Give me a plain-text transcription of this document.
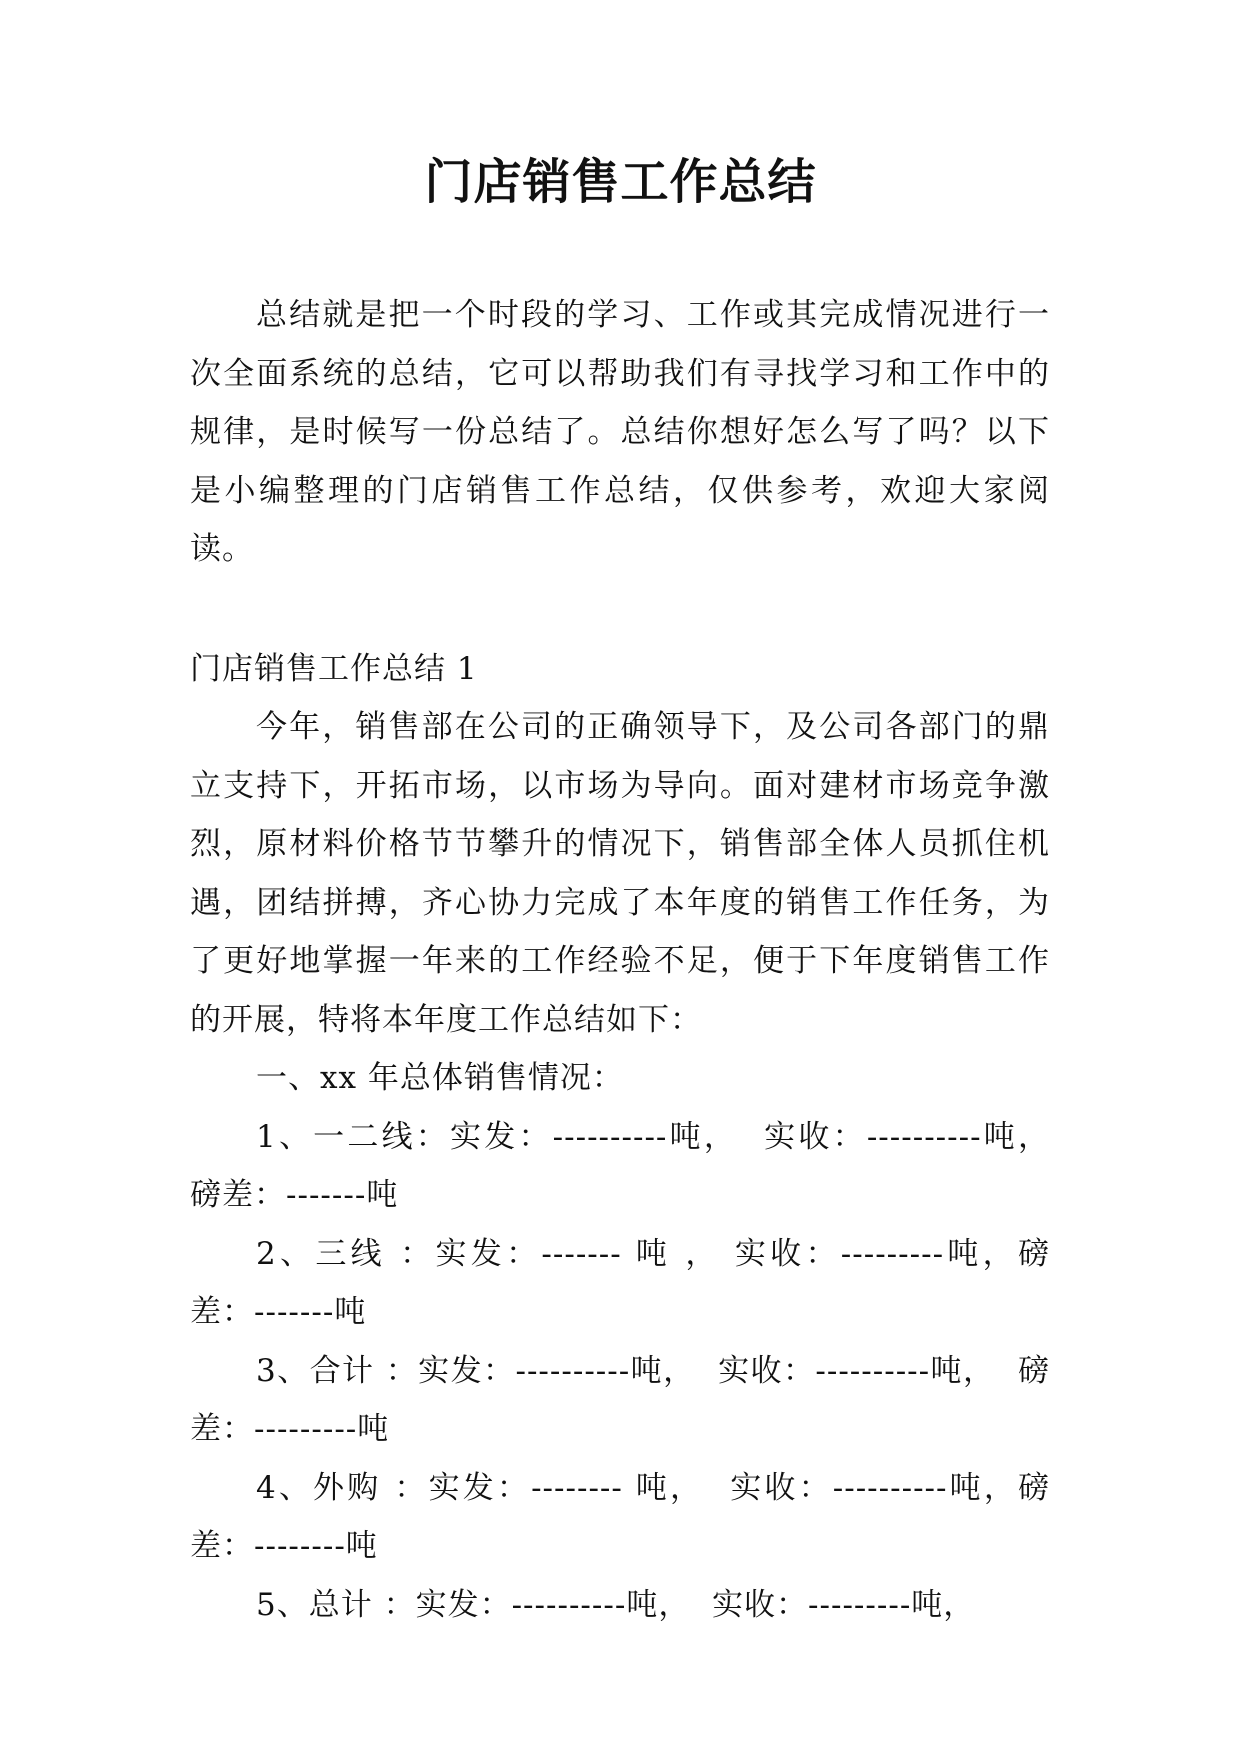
门店销售工作总结

总结就是把一个时段的学习、工作或其完成情况进行一次全面系统的总结，它可以帮助我们有寻找学习和工作中的规律，是时候写一份总结了。总结你想好怎么写了吗？以下是小编整理的门店销售工作总结，仅供参考，欢迎大家阅读。

门店销售工作总结 1

今年，销售部在公司的正确领导下，及公司各部门的鼎立支持下，开拓市场，以市场为导向。面对建材市场竞争激烈，原材料价格节节攀升的情况下，销售部全体人员抓住机遇，团结拼搏，齐心协力完成了本年度的销售工作任务，为了更好地掌握一年来的工作经验不足，便于下年度销售工作的开展，特将本年度工作总结如下：

一、xx 年总体销售情况：

1、一二线：实发：----------吨，  实收：----------吨，  磅差：-------吨

2、三线 ：实发：------- 吨 ， 实收：---------吨，磅差：-------吨

3、合计 ：实发：----------吨，  实收：----------吨，  磅差：---------吨

4、外购 ：实发：-------- 吨，  实收：----------吨，磅差：--------吨

5、总计 ：实发：----------吨，  实收：---------吨，
